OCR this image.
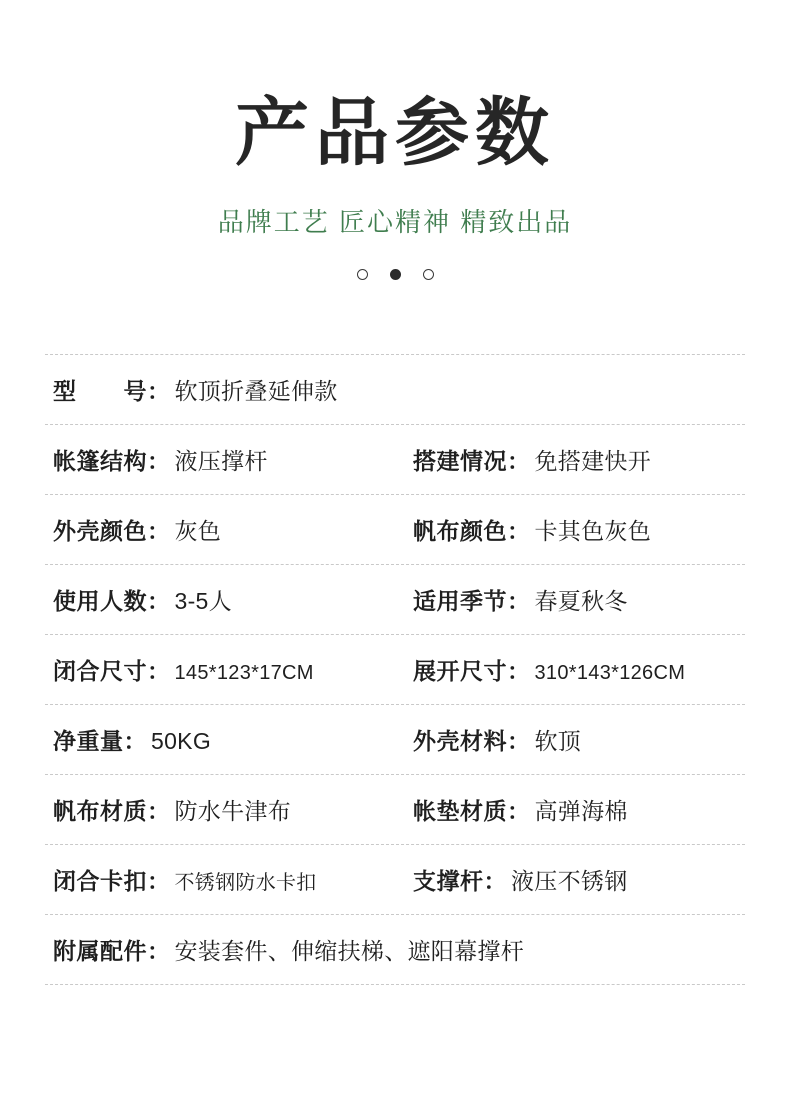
产品参数
品牌工艺 匠心精神 精致出品
型　　号： 软顶折叠延伸款
帐篷结构： 液压撑杆	搭建情况： 免搭建快开
外壳颜色： 灰色	帆布颜色： 卡其色灰色
使用人数： 3-5人	适用季节： 春夏秋冬
闭合尺寸： 145*123*17CM	展开尺寸： 310*143*126CM
净重量： 50KG	外壳材料： 软顶
帆布材质： 防水牛津布	帐垫材质： 高弹海棉
闭合卡扣： 不锈钢防水卡扣	支撑杆： 液压不锈钢
附属配件： 安装套件、伸缩扶梯、遮阳幕撑杆
